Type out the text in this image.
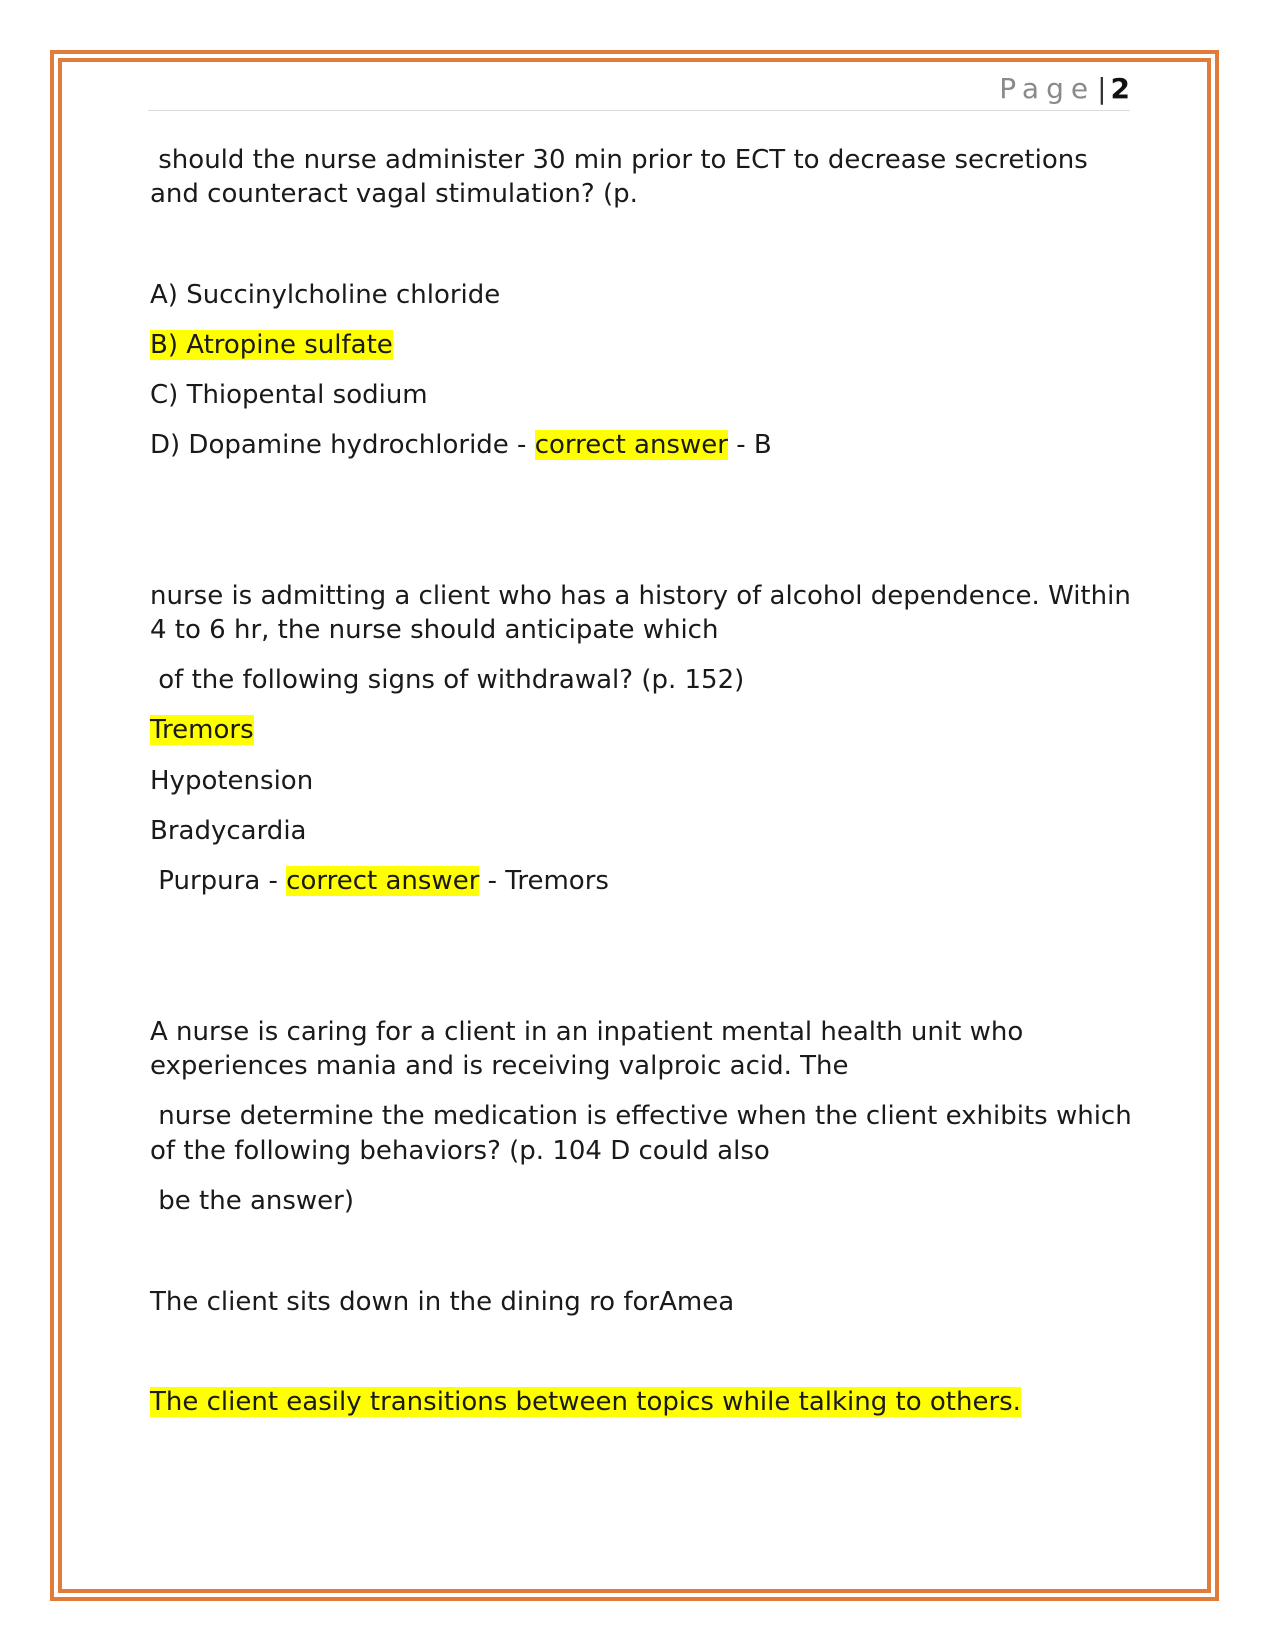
Page| 2
should the nurse administer 30 min prior to ECT to decrease secretions
and counteract vagal stimulation? (p.
A) Succinylcholine chloride
B) Atropine sulfate
C) Thiopental sodium
D) Dopamine hydrochloride - correct answer - B
nurse is admitting a client who has a history of alcohol dependence. Within
4 to 6 hr, the nurse should anticipate which
of the following signs of withdrawal? (p. 152)
Tremors
Hypotension
Bradycardia
Purpura - correct answer - Tremors
A nurse is caring for a client in an inpatient mental health unit who
experiences mania and is receiving valproic acid. The
nurse determine the medication is effective when the client exhibits which
of the following behaviors? (p. 104 D could also
be the answer)
The client sits down in the dining ro forAmea
The client easily transitions between topics while talking to others.
